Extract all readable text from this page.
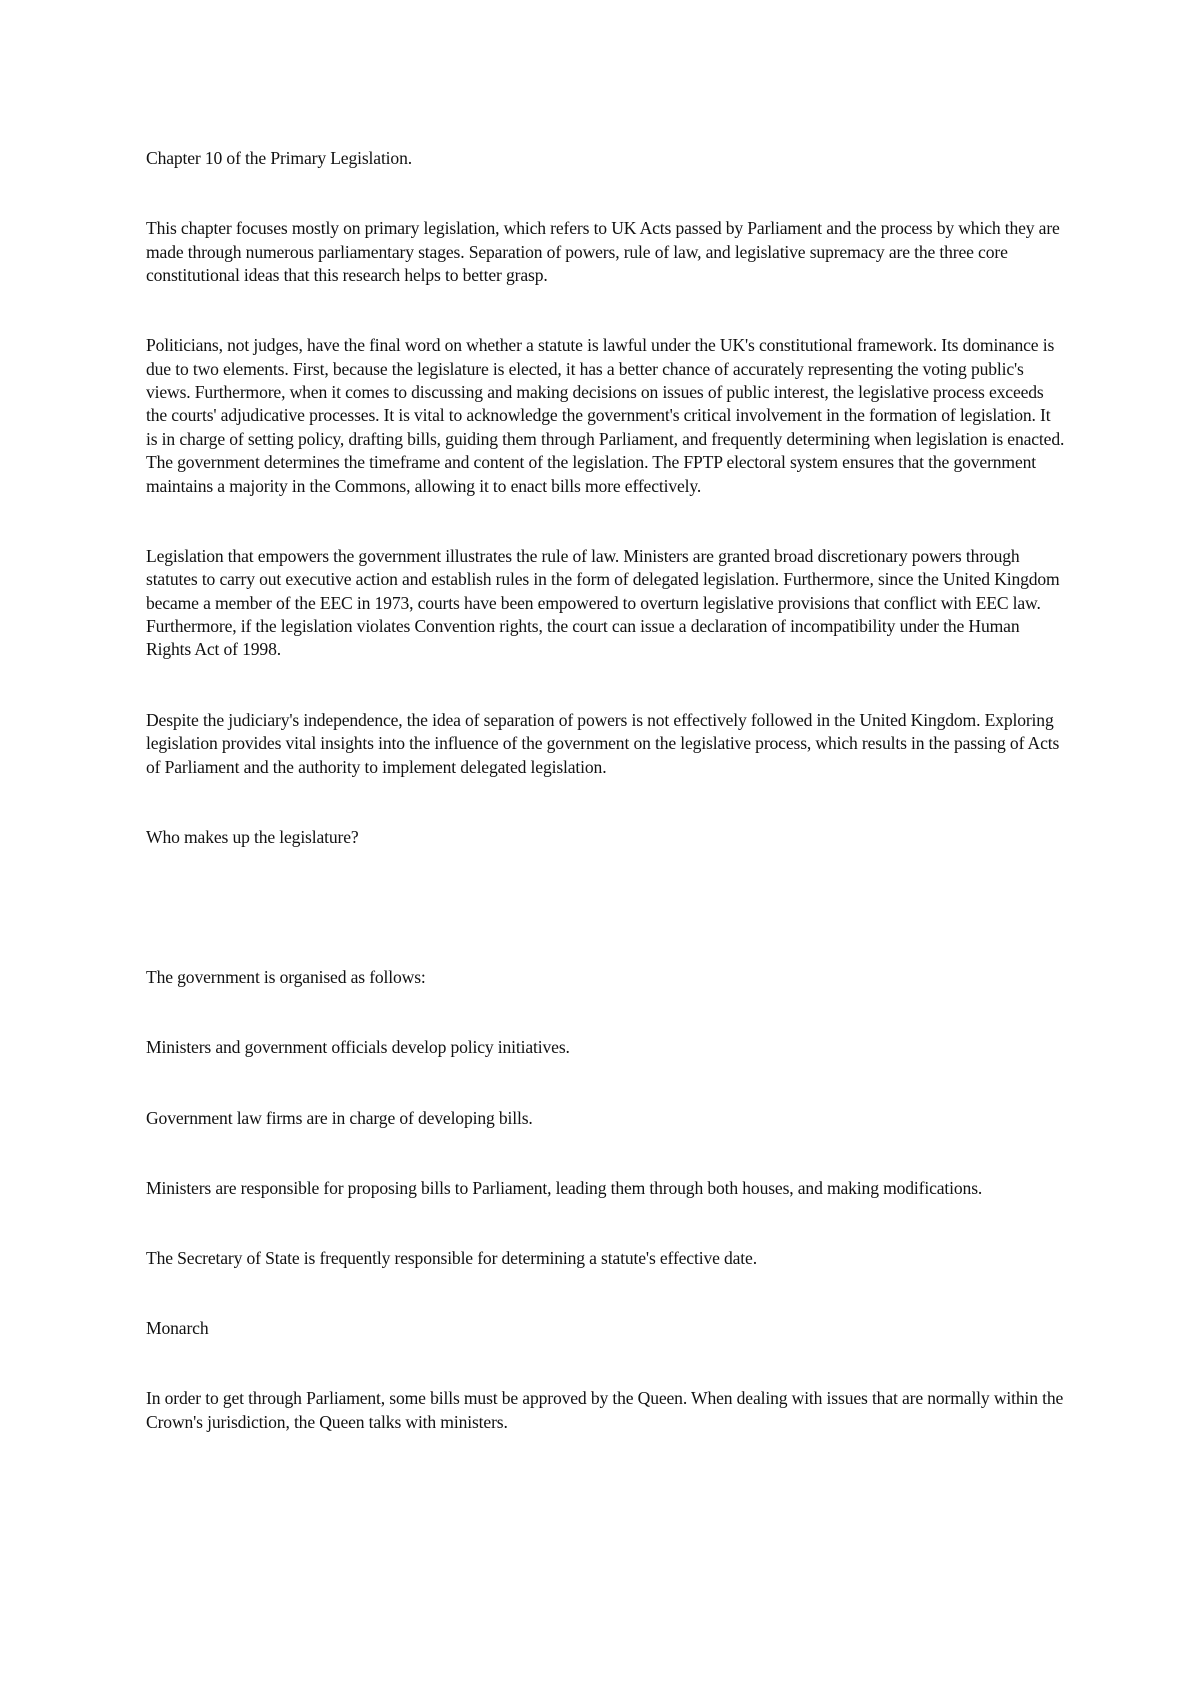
Chapter 10 of the Primary Legislation.

This chapter focuses mostly on primary legislation, which refers to UK Acts passed by Parliament and the process by which they are made through numerous parliamentary stages. Separation of powers, rule of law, and legislative supremacy are the three core constitutional ideas that this research helps to better grasp.

Politicians, not judges, have the final word on whether a statute is lawful under the UK's constitutional framework. Its dominance is due to two elements. First, because the legislature is elected, it has a better chance of accurately representing the voting public's views. Furthermore, when it comes to discussing and making decisions on issues of public interest, the legislative process exceeds the courts' adjudicative processes. It is vital to acknowledge the government's critical involvement in the formation of legislation. It is in charge of setting policy, drafting bills, guiding them through Parliament, and frequently determining when legislation is enacted. The government determines the timeframe and content of the legislation. The FPTP electoral system ensures that the government maintains a majority in the Commons, allowing it to enact bills more effectively.

Legislation that empowers the government illustrates the rule of law. Ministers are granted broad discretionary powers through statutes to carry out executive action and establish rules in the form of delegated legislation. Furthermore, since the United Kingdom became a member of the EEC in 1973, courts have been empowered to overturn legislative provisions that conflict with EEC law. Furthermore, if the legislation violates Convention rights, the court can issue a declaration of incompatibility under the Human Rights Act of 1998.

Despite the judiciary's independence, the idea of separation of powers is not effectively followed in the United Kingdom. Exploring legislation provides vital insights into the influence of the government on the legislative process, which results in the passing of Acts of Parliament and the authority to implement delegated legislation.

Who makes up the legislature?

The government is organised as follows:

Ministers and government officials develop policy initiatives.

Government law firms are in charge of developing bills.

Ministers are responsible for proposing bills to Parliament, leading them through both houses, and making modifications.

The Secretary of State is frequently responsible for determining a statute's effective date.

Monarch

In order to get through Parliament, some bills must be approved by the Queen. When dealing with issues that are normally within the Crown's jurisdiction, the Queen talks with ministers.
